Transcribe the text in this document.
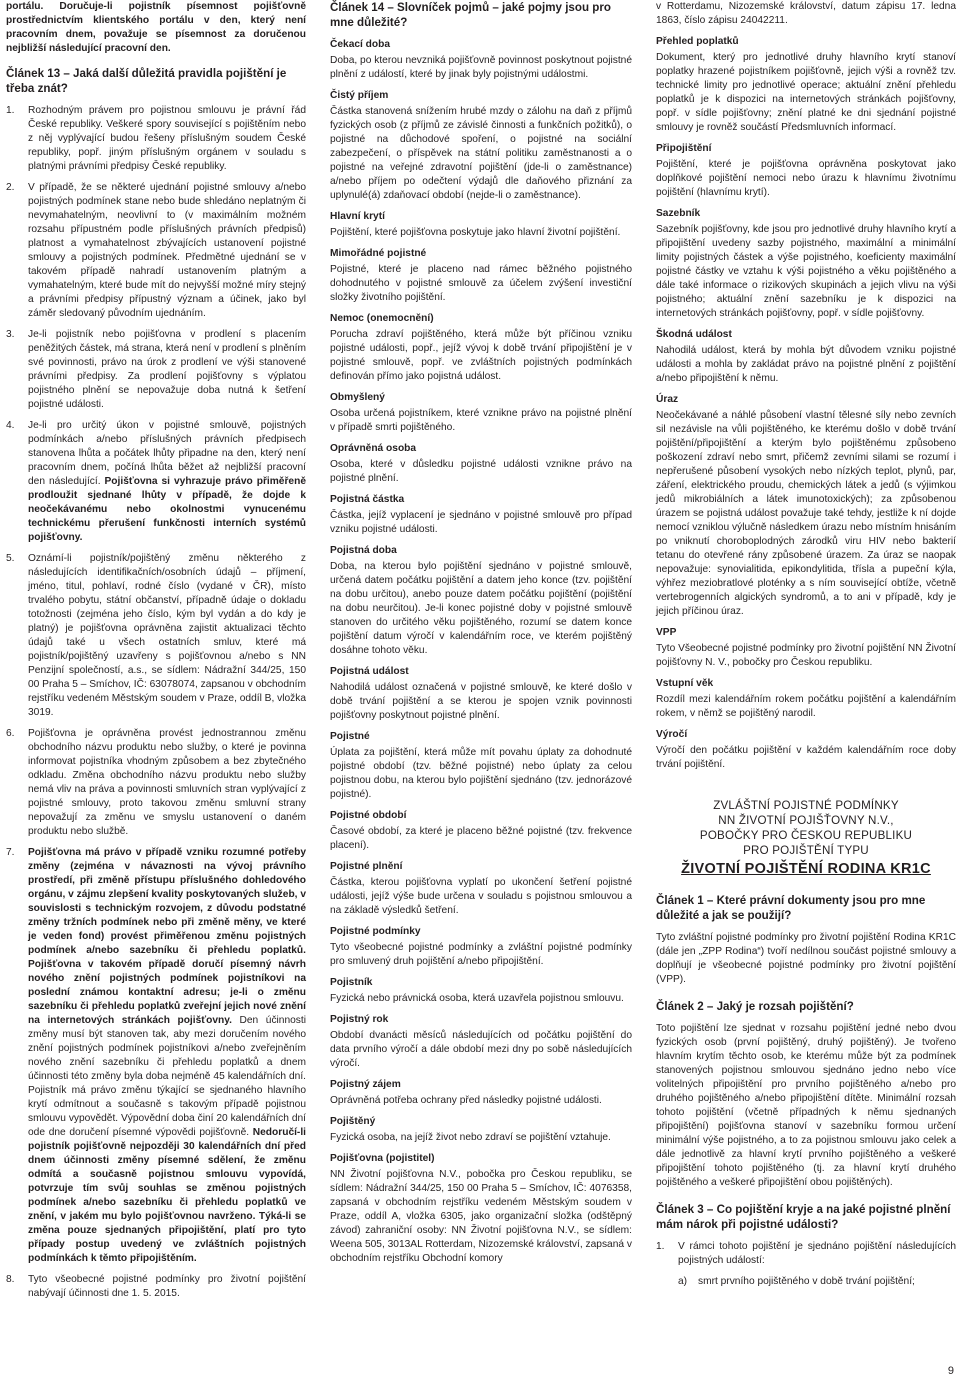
portálu. Doručuje-li pojistník písemnost pojišťovně prostřednictvím klientského portálu v den, který není pracovním dnem, považuje se písemnost za doručenou nejbližší následující pracovní den.
Článek 13 – Jaká další důležitá pravidla pojištění je třeba znát?
1.	Rozhodným právem pro pojistnou smlouvu je právní řád České republiky. Veškeré spory související s pojištěním nebo z něj vyplývající budou řešeny příslušným soudem České republiky, popř. jiným příslušným orgánem v souladu s platnými právními předpisy České republiky.
2.	V případě, že se některé ujednání pojistné smlouvy a/nebo pojistných podmínek stane nebo bude shledáno neplatným či nevymahatelným, neovlivní to (v maximálním možném rozsahu přípustném podle příslušných právních předpisů) platnost a vymahatelnost zbývajících ustanovení pojistné smlouvy a pojistných podmínek. Předmětné ujednání se v takovém případě nahradí ustanovením platným a vymahatelným, které bude mít do nejvyšší možné míry stejný a právními předpisy přípustný význam a účinek, jako byl záměr sledovaný původním ujednáním.
3.	Je-li pojistník nebo pojišťovna v prodlení s placením peněžitých částek, má strana, která není v prodlení s plněním své povinnosti, právo na úrok z prodlení ve výši stanovené právními předpisy. Za prodlení pojišťovny s výplatou pojistného plnění se nepovažuje doba nutná k šetření pojistné události.
4.	Je-li pro určitý úkon v pojistné smlouvě, pojistných podmínkách a/nebo příslušných právních předpisech stanovena lhůta a počátek lhůty připadne na den, který není pracovním dnem, počíná lhůta běžet až nejbližší pracovní den následující. Pojišťovna si vyhrazuje právo přiměřeně prodloužit sjednané lhůty v případě, že dojde k neočekávanému nebo okolnostmi vynucenému technickému přerušení funkčnosti interních systémů pojišťovny.
5.	Oznámí-li pojistník/pojištěný změnu některého z následujících identifikačních/osobních údajů – příjmení, jméno, titul, pohlaví, rodné číslo (vydané v ČR), místo trvalého pobytu, státní občanství, případně údaje o dokladu totožnosti (zejména jeho číslo, kým byl vydán a do kdy je platný) je pojišťovna oprávněna zajistit aktualizaci těchto údajů také u všech ostatních smluv, které má pojistník/pojištěný uzavřeny s pojišťovnou a/nebo s NN Penzijní společností, a.s., se sídlem: Nádražní 344/25, 150 00 Praha 5 – Smíchov, IČ: 63078074, zapsanou v obchodním rejstříku vedeném Městským soudem v Praze, oddíl B, vložka 3019.
6.	Pojišťovna je oprávněna provést jednostrannou změnu obchodního názvu produktu nebo služby, o které je povinna informovat pojistníka vhodným způsobem a bez zbytečného odkladu. Změna obchodního názvu produktu nebo služby nemá vliv na práva a povinnosti smluvních stran vyplývající z pojistné smlouvy, proto takovou změnu smluvní strany nepovažují za změnu ve smyslu ustanovení o daném produktu nebo službě.
7.	Pojišťovna má právo v případě vzniku rozumné potřeby změny (zejména v návaznosti na vývoj právního prostředí, při změně přístupu příslušného dohledového orgánu, v zájmu zlepšení kvality poskytovaných služeb, v souvislosti s technickým rozvojem, z důvodu podstatné změny tržních podmínek nebo při změně měny, ve které je veden fond) provést přiměřenou změnu pojistných podmínek a/nebo sazebníku či přehledu poplatků. Pojišťovna v takovém případě doručí písemný návrh nového znění pojistných podmínek pojistníkovi na poslední známou kontaktní adresu; je-li o změnu sazebníku či přehledu poplatků zveřejní jejich nové znění na internetových stránkách pojišťovny. Den účinnosti změny musí být stanoven tak, aby mezi doručením nového znění pojistných podmínek pojistníkovi a/nebo zveřejněním nového znění sazebníku či přehledu poplatků a dnem účinnosti této změny byla doba nejméně 45 kalendářních dní. Pojistník má právo změnu týkající se sjednaného hlavního krytí odmítnout a současně s takovým případě pojistnou smlouvu vypovědět. Výpovědní doba činí 20 kalendářních dní ode dne doručení písemné výpovědi pojišťovně. Nedoručí-li pojistník pojišťovně nejpozději 30 kalendářních dní před dnem účinnosti změny písemné sdělení, že změnu odmítá a současně pojistnou smlouvu vypovídá, potvrzuje tím svůj souhlas se změnou pojistných podmínek a/nebo sazebníku či přehledu poplatků ve znění, v jakém mu bylo pojišťovnou navrženo. Týká-li se změna pouze sjednaných připojištění, platí pro tyto případy postup uvedený ve zvláštních pojistných podmínkách k těmto připojištěním.
8.	Tyto všeobecné pojistné podmínky pro životní pojištění nabývají účinnosti dne 1. 5. 2015.
Článek 14 – Slovníček pojmů – jaké pojmy jsou pro mne důležité?
Čekací doba
Doba, po kterou nevzniká pojišťovně povinnost poskytnout pojistné plnění z událostí, které by jinak byly pojistnými událostmi.
Čistý příjem
Částka stanovená snížením hrubé mzdy o zálohu na daň z příjmů fyzických osob (z příjmů ze závislé činnosti a funkčních požitků), o pojistné na důchodové spoření, o pojistné na sociální zabezpečení, o příspěvek na státní politiku zaměstnanosti a o pojistné na veřejné zdravotní pojištění (jde-li o zaměstnance) a/nebo příjem po odečtení výdajů dle daňového přiznání za uplynulé(á) zdaňovací období (nejde-li o zaměstnance).
Hlavní krytí
Pojištění, které pojišťovna poskytuje jako hlavní životní pojištění.
Mimořádné pojistné
Pojistné, které je placeno nad rámec běžného pojistného dohodnutého v pojistné smlouvě za účelem zvýšení investiční složky životního pojištění.
Nemoc (onemocnění)
Porucha zdraví pojištěného, která může být příčinou vzniku pojistné události, popř., jejíž vývoj k době trvání připojištění je v pojistné smlouvě, popř. ve zvláštních pojistných podmínkách definován přímo jako pojistná událost.
Obmyšlený
Osoba určená pojistníkem, které vznikne právo na pojistné plnění v případě smrti pojištěného.
Oprávněná osoba
Osoba, které v důsledku pojistné události vznikne právo na pojistné plnění.
Pojistná částka
Částka, jejíž vyplacení je sjednáno v pojistné smlouvě pro případ vzniku pojistné události.
Pojistná doba
Doba, na kterou bylo pojištění sjednáno v pojistné smlouvě, určená datem počátku pojištění a datem jeho konce (tzv. pojištění na dobu určitou), anebo pouze datem počátku pojištění (pojištění na dobu neurčitou). Je-li konec pojistné doby v pojistné smlouvě stanoven do určitého věku pojištěného, rozumí se datem konce pojištění datum výročí v kalendářním roce, ve kterém pojištěný dosáhne tohoto věku.
Pojistná událost
Nahodilá událost označená v pojistné smlouvě, ke které došlo v době trvání pojištění a se kterou je spojen vznik povinnosti pojišťovny poskytnout pojistné plnění.
Pojistné
Úplata za pojištění, která může mít povahu úplaty za dohodnuté pojistné období (tzv. běžné pojistné) nebo úplaty za celou pojistnou dobu, na kterou bylo pojištění sjednáno (tzv. jednorázové pojistné).
Pojistné období
Časové období, za které je placeno běžné pojistné (tzv. frekvence placení).
Pojistné plnění
Částka, kterou pojišťovna vyplatí po ukončení šetření pojistné události, jejíž výše bude určena v souladu s pojistnou smlouvou a na základě výsledků šetření.
Pojistné podmínky
Tyto všeobecné pojistné podmínky a zvláštní pojistné podmínky pro smluvený druh pojištění a/nebo připojištění.
Pojistník
Fyzická nebo právnická osoba, která uzavřela pojistnou smlouvu.
Pojistný rok
Období dvanácti měsíců následujících od počátku pojištění do data prvního výročí a dále období mezi dny po sobě následujících výročí.
Pojistný zájem
Oprávněná potřeba ochrany před následky pojistné události.
Pojištěný
Fyzická osoba, na jejíž život nebo zdraví se pojištění vztahuje.
Pojišťovna (pojistitel)
NN Životní pojišťovna N.V., pobočka pro Českou republiku, se sídlem: Nádražní 344/25, 150 00 Praha 5 – Smíchov, IČ: 4076358, zapsaná v obchodním rejstříku vedeném Městským soudem v Praze, oddíl A, vložka 6305, jako organizační složka (odštěpný závod) zahraniční osoby: NN Životní pojišťovna N.V., se sídlem: Weena 505, 3013AL Rotterdam, Nizozemské království, zapsaná v obchodním rejstříku Obchodní komory
v Rotterdamu, Nizozemské království, datum zápisu 17. ledna 1863, číslo zápisu 24042211.
Přehled poplatků
Dokument, který pro jednotlivé druhy hlavního krytí stanoví poplatky hrazené pojistníkem pojišťovně, jejich výši a rovněž tzv. technické limity pro jednotlivé operace; aktuální znění přehledu poplatků je k dispozici na internetových stránkách pojišťovny, popř. v sídle pojišťovny; znění platné ke dni sjednání pojistné smlouvy je rovněž součástí Předsmluvních informací.
Připojištění
Pojištění, které je pojišťovna oprávněna poskytovat jako doplňkové pojištění nemoci nebo úrazu k hlavnímu životnímu pojištění (hlavnímu krytí).
Sazebník
Sazebník pojišťovny, kde jsou pro jednotlivé druhy hlavního krytí a připojištění uvedeny sazby pojistného, maximální a minimální limity pojistných částek a výše pojistného, koeficienty maximální pojistné částky ve vztahu k výši pojistného a věku pojištěného a dále také informace o rizikových skupinách a jejich vlivu na výši pojistného; aktuální znění sazebníku je k dispozici na internetových stránkách pojišťovny, popř. v sídle pojišťovny.
Škodná událost
Nahodilá událost, která by mohla být důvodem vzniku pojistné události a mohla by zakládat právo na pojistné plnění z pojištění a/nebo připojištění k němu.
Úraz
Neočekávané a náhlé působení vlastní tělesné síly nebo zevních sil nezávisle na vůli pojištěného, ke kterému došlo v době trvání pojištění/připojištění a kterým bylo pojištěnému způsobeno poškození zdraví nebo smrt, přičemž zevními silami se rozumí i nepřerušené působení vysokých nebo nízkých teplot, plynů, par, záření, elektrického proudu, chemických látek a jedů (s výjimkou jedů mikrobiálních a látek imunotoxických); za způsobenou úrazem se pojistná událost považuje také tehdy, jestliže k ní dojde nemocí vzniklou výlučně následkem úrazu nebo místním hnisáním po vniknutí choroboplodných zárodků viru HIV nebo bakterií tetanu do otevřené rány způsobené úrazem. Za úraz se naopak nepovažuje: synovialitida, epikondylitida, třísla a pupeční kýla, výhřez meziobratlové ploténky a s ním související obtíže, včetně vertebrogenních algických syndromů, a to ani v případě, kdy je jejich příčinou úraz.
VPP
Tyto Všeobecné pojistné podmínky pro životní pojištění NN Životní pojišťovny N. V., pobočky pro Českou republiku.
Vstupní věk
Rozdíl mezi kalendářním rokem počátku pojištění a kalendářním rokem, v němž se pojištěný narodil.
Výročí
Výročí den počátku pojištění v každém kalendářním roce doby trvání pojištění.
ZVLÁŠTNÍ POJISTNÉ PODMÍNKY
NN ŽIVOTNÍ POJIŠŤOVNY N.V.,
POBOČKY PRO ČESKOU REPUBLIKU
PRO POJIŠTĚNÍ TYPU
ŽIVOTNÍ POJIŠTĚNÍ RODINA KR1C
Článek 1 – Které právní dokumenty jsou pro mne důležité a jak se použijí?
Tyto zvláštní pojistné podmínky pro životní pojištění Rodina KR1C (dále jen „ZPP Rodina“) tvoří nedílnou součást pojistné smlouvy a doplňují je všeobecné pojistné podmínky pro životní pojištění (VPP).
Článek 2 – Jaký je rozsah pojištění?
Toto pojištění lze sjednat v rozsahu pojištění jedné nebo dvou fyzických osob (první pojištěný, druhý pojištěný). Je tvořeno hlavním krytím těchto osob, ke kterému může být za podmínek stanovených pojistnou smlouvou sjednáno jedno nebo více volitelných připojištění pro prvního pojištěného a/nebo pro druhého pojištěného a/nebo připojištění dítěte. Minimální rozsah tohoto pojištění (včetně případných k němu sjednaných připojištění) pojišťovna stanoví v sazebníku formou určení minimální výše pojistného, a to za pojistnou smlouvu jako celek a dále jednotlivě za hlavní krytí prvního pojištěného a veškeré připojištění tohoto pojištěného (tj. za hlavní krytí druhého pojištěného a veškeré připojištění obou pojištěných).
Článek 3 – Co pojištění kryje a na jaké pojistné plnění mám nárok při pojistné události?
1.	V rámci tohoto pojištění je sjednáno pojištění následujících pojistných událostí:
a)	smrt prvního pojištěného v době trvání pojištění;
9
